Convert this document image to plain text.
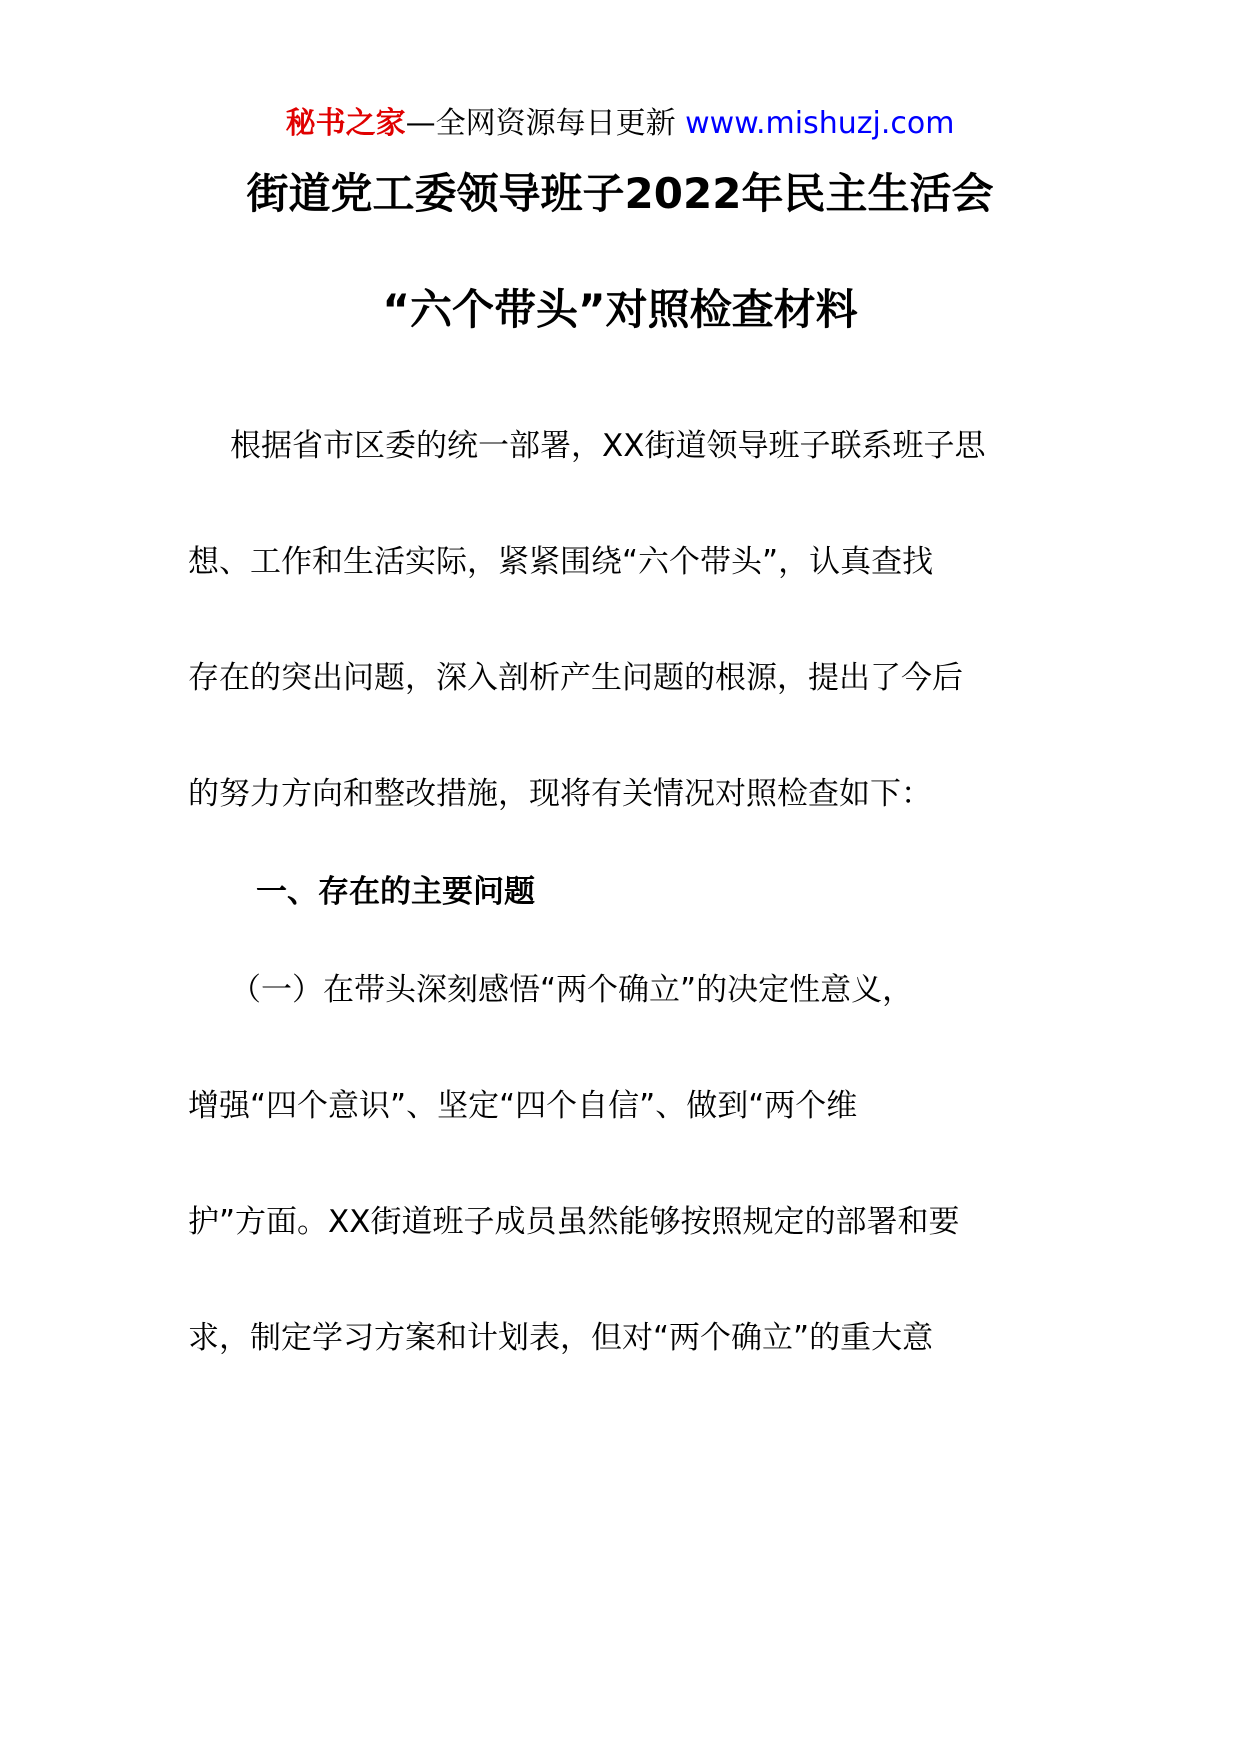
秘书之家—全网资源每日更新 www.mishuzj.com
街道党工委领导班子2022年民主生活会
“六个带头”对照检查材料
根据省市区委的统一部署，XX街道领导班子联系班子思
想、工作和生活实际，紧紧围绕“六个带头”，认真查找
存在的突出问题，深入剖析产生问题的根源，提出了今后
的努力方向和整改措施，现将有关情况对照检查如下：
一、存在的主要问题
（一）在带头深刻感悟“两个确立”的决定性意义，
增强“四个意识”、坚定“四个自信”、做到“两个维
护”方面。XX街道班子成员虽然能够按照规定的部署和要
求，制定学习方案和计划表，但对“两个确立”的重大意
